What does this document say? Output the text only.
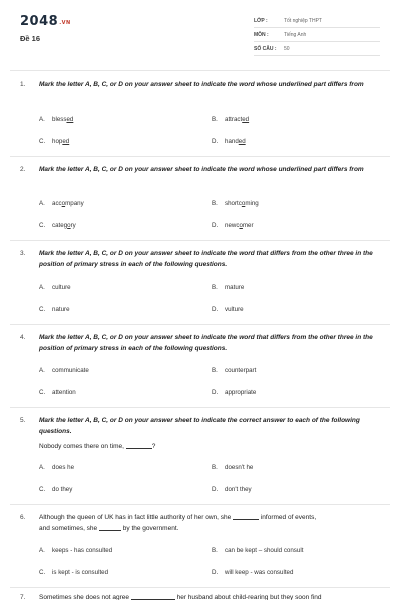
2048.VN
Đề 16
LỚP :	Tốt nghiệp THPT
MÔN :	Tiếng Anh
SỐ CÂU : 50
1. Mark the letter A, B, C, or D on your answer sheet to indicate the word whose underlined part differs from
A. blessed	B. attracted
C. hoped	D. handed
2. Mark the letter A, B, C, or D on your answer sheet to indicate the word whose underlined part differs from
A. accompany	B. shortcoming
C. category	D. newcomer
3. Mark the letter A, B, C, or D on your answer sheet to indicate the word that differs from the other three in the position of primary stress in each of the following questions.
A. culture	B. mature
C. nature	D. vulture
4. Mark the letter A, B, C, or D on your answer sheet to indicate the word that differs from the other three in the position of primary stress in each of the following questions.
A. communicate	B. counterpart
C. attention	D. appropriate
5. Mark the letter A, B, C, or D on your answer sheet to indicate the correct answer to each of the following questions.
Nobody comes there on time,	?
A. does he	B. doesn't he
C. do they	D. don't they
6. Although the queen of UK has in fact little authority of her own, she	informed of events,
and sometimes, she	by the government.
A. keeps - has consulted	B. can be kept – should consult
C. is kept - is consulted	D. will keep - was consulted
7. Sometimes she does not agree	her husband about child-rearing but they soon find
